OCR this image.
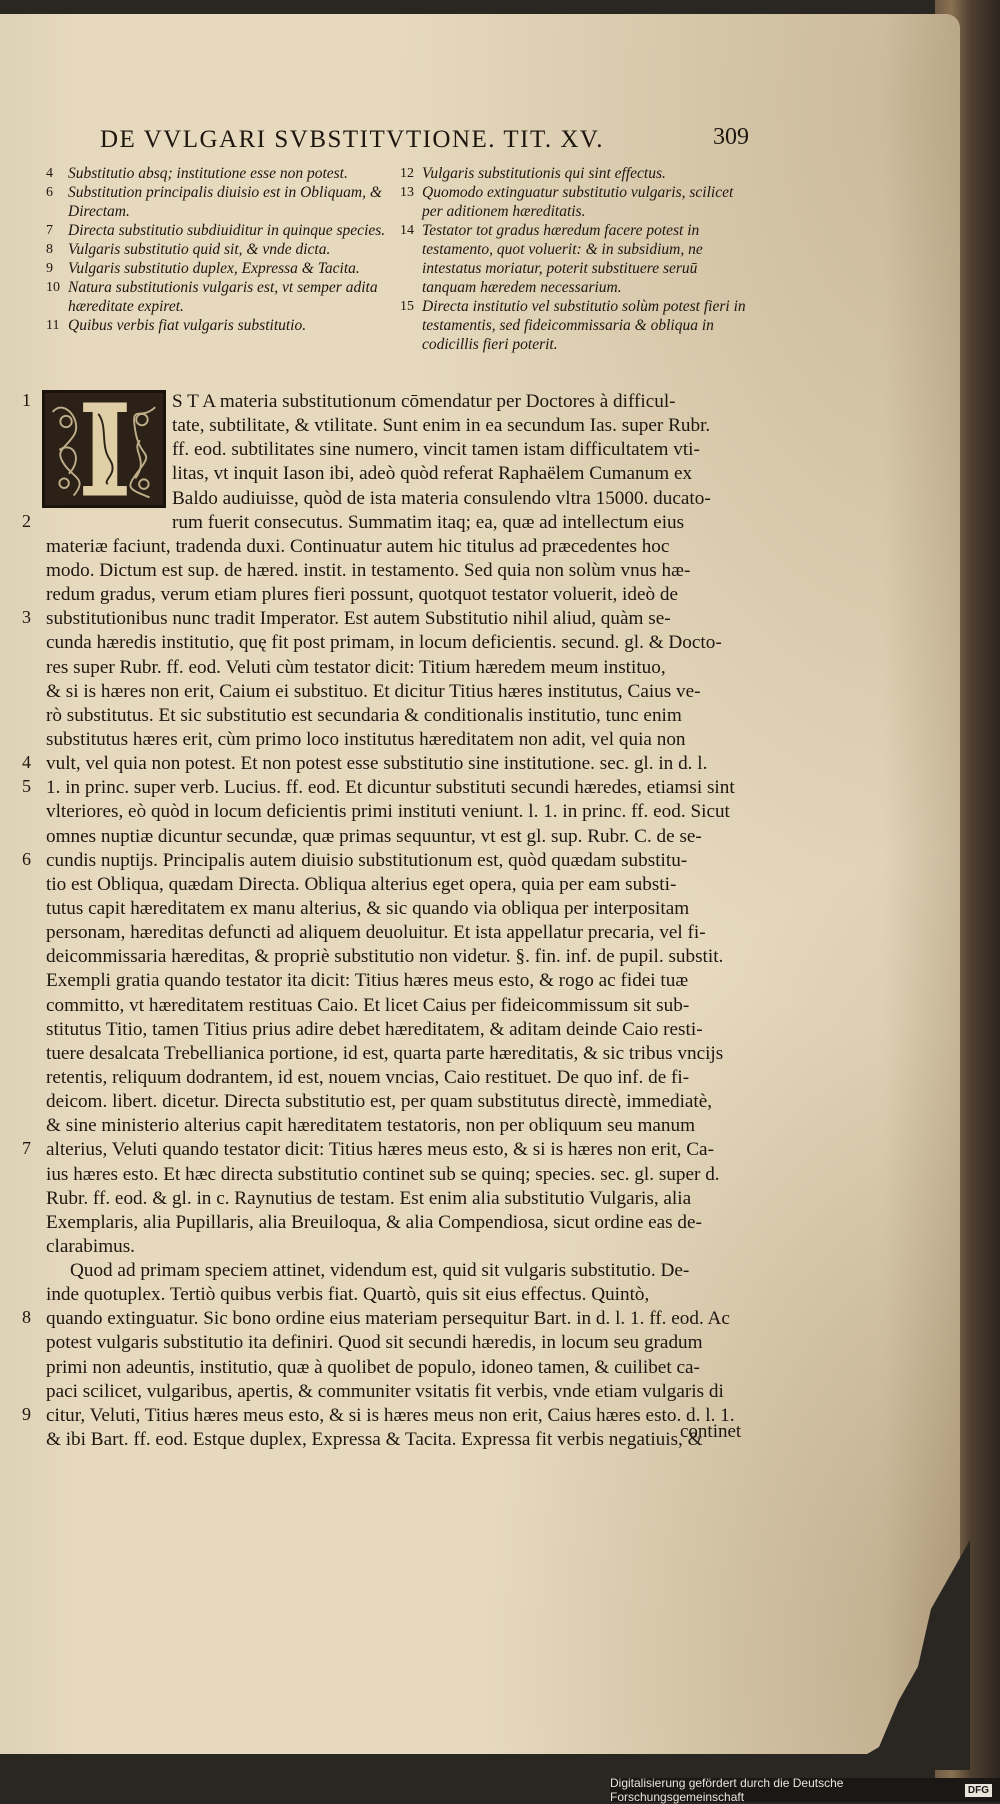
DE VVLGARI SVBSTITVTIONE. TIT. XV.	309
4 Substitutio absq; institutione esse non potest.
6 Substitution principalis diuisio est in Obliquam, & Directam.
7 Directa substitutio subdiuiditur in quinque species.
8 Vulgaris substitutio quid sit, & vnde dicta.
9 Vulgaris substitutio duplex, Expressa & Tacita.
10 Natura substitutionis vulgaris est, vt semper adita hæreditate expiret.
11 Quibus verbis fiat vulgaris substitutio.
12 Vulgaris substitutionis qui sint effectus.
13 Quomodo extinguatur substitutio vulgaris, scilicet per aditionem hæreditatis.
14 Testator tot gradus hæredum facere potest in testamento, quot voluerit: & in subsidium, ne intestatus moriatur, poterit substituere seruū tanquam hæredem necessarium.
15 Directa institutio vel substitutio solùm potest fieri in testamentis, sed fideicommissaria & obliqua in codicillis fieri poterit.
1
2
3
4
5
6
7
8
9
S T A materia substitutionum cōmendatur per Doctores à difficul-
tate, subtilitate, & vtilitate. Sunt enim in ea secundum Ias. super Rubr.
ff. eod. subtilitates sine numero, vincit tamen istam difficultatem vti-
litas, vt inquit Iason ibi, adeò quòd referat Raphaëlem Cumanum ex
Baldo audiuisse, quòd de ista materia consulendo vltra 15000. ducato-
rum fuerit consecutus. Summatim itaq; ea, quæ ad intellectum eius
materiæ faciunt, tradenda duxi. Continuatur autem hic titulus ad præcedentes hoc
modo. Dictum est sup. de hæred. instit. in testamento. Sed quia non solùm vnus hæ-
redum gradus, verum etiam plures fieri possunt, quotquot testator voluerit, ideò de
substitutionibus nunc tradit Imperator. Est autem Substitutio nihil aliud, quàm se-
cunda hæredis institutio, quę fit post primam, in locum deficientis. secund. gl. & Docto-
res super Rubr. ff. eod. Veluti cùm testator dicit: Titium hæredem meum instituo,
& si is hæres non erit, Caium ei substituo. Et dicitur Titius hæres institutus, Caius ve-
rò substitutus. Et sic substitutio est secundaria & conditionalis institutio, tunc enim
substitutus hæres erit, cùm primo loco institutus hæreditatem non adit, vel quia non
vult, vel quia non potest. Et non potest esse substitutio sine institutione. sec. gl. in d. l.
1. in princ. super verb. Lucius. ff. eod. Et dicuntur substituti secundi hæredes, etiamsi sint
vlteriores, eò quòd in locum deficientis primi instituti veniunt. l. 1. in princ. ff. eod. Sicut
omnes nuptiæ dicuntur secundæ, quæ primas sequuntur, vt est gl. sup. Rubr. C. de se-
cundis nuptijs. Principalis autem diuisio substitutionum est, quòd quædam substitu-
tio est Obliqua, quædam Directa. Obliqua alterius eget opera, quia per eam substi-
tutus capit hæreditatem ex manu alterius, & sic quando via obliqua per interpositam
personam, hæreditas defuncti ad aliquem deuoluitur. Et ista appellatur precaria, vel fi-
deicommissaria hæreditas, & propriè substitutio non videtur. §. fin. inf. de pupil. substit.
Exempli gratia quando testator ita dicit: Titius hæres meus esto, & rogo ac fidei tuæ
committo, vt hæreditatem restituas Caio. Et licet Caius per fideicommissum sit sub-
stitutus Titio, tamen Titius prius adire debet hæreditatem, & aditam deinde Caio resti-
tuere desalcata Trebellianica portione, id est, quarta parte hæreditatis, & sic tribus vncijs
retentis, reliquum dodrantem, id est, nouem vncias, Caio restituet. De quo inf. de fi-
deicom. libert. dicetur. Directa substitutio est, per quam substitutus directè, immediatè,
& sine ministerio alterius capit hæreditatem testatoris, non per obliquum seu manum
alterius, Veluti quando testator dicit: Titius hæres meus esto, & si is hæres non erit, Ca-
ius hæres esto. Et hæc directa substitutio continet sub se quinq; species. sec. gl. super d.
Rubr. ff. eod. & gl. in c. Raynutius de testam. Est enim alia substitutio Vulgaris, alia
Exemplaris, alia Pupillaris, alia Breuiloqua, & alia Compendiosa, sicut ordine eas de-
clarabimus.
Quod ad primam speciem attinet, videndum est, quid sit vulgaris substitutio. De-
inde quotuplex. Tertiò quibus verbis fiat. Quartò, quis sit eius effectus. Quintò,
quando extinguatur. Sic bono ordine eius materiam persequitur Bart. in d. l. 1. ff. eod. Ac
potest vulgaris substitutio ita definiri. Quod sit secundi hæredis, in locum seu gradum
primi non adeuntis, institutio, quæ à quolibet de populo, idoneo tamen, & cuilibet ca-
paci scilicet, vulgaribus, apertis, & communiter vsitatis fit verbis, vnde etiam vulgaris di
citur, Veluti, Titius hæres meus esto, & si is hæres meus non erit, Caius hæres esto. d. l. 1.
& ibi Bart. ff. eod. Estque duplex, Expressa & Tacita. Expressa fit verbis negatiuis, &
continet
Digitalisierung gefördert durch die Deutsche Forschungsgemeinschaft	DFG
